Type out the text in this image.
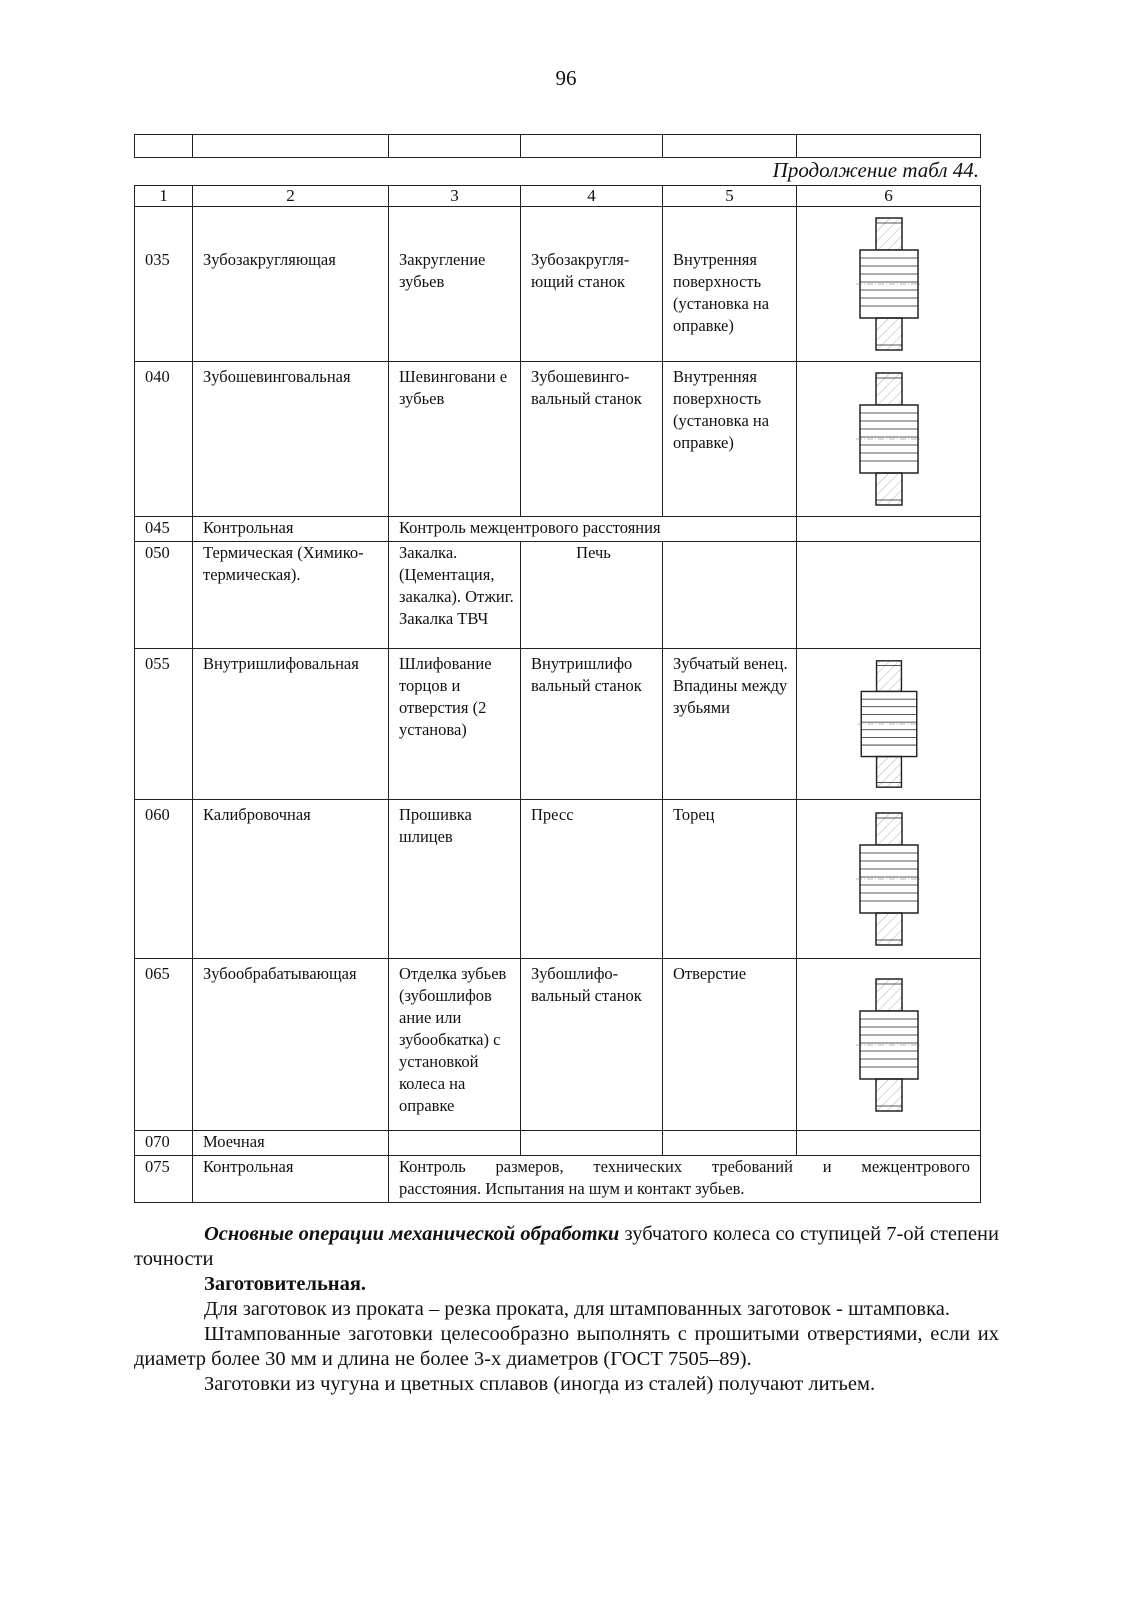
96

Продолжение табл 44.
1	2	3	4	5	6
035	Зубозакругляющая	Закругление зубьев	Зубозакругля-ющий станок	Внутренняя поверхность (установка на оправке)	

040	Зубошевинговальная	Шевинговани е зубьев	Зубошевинго-вальный станок	Внутренняя поверхность (установка на оправке)	

045	Контрольная	Контроль межцентрового расстояния			
050	Термическая (Химико-термическая).	Закалка. (Цементация, закалка). Отжиг. Закалка ТВЧ	Печь		
055	Внутришлифовальная	Шлифование торцов и отверстия (2 установа)	Внутришлифо вальный станок	Зубчатый венец. Впадины между зубьями	

060	Калибровочная	Прошивка шлицев	Пресс	Торец	

065	Зубообрабатывающая	Отделка зубьев (зубошлифов ание или зубообкатка) с установкой колеса на оправке	Зубошлифо-вальный станок	Отверстие	

070	Моечная				
075	Контрольная	Контроль размеров, технических требований и межцентрового
расстояния. Испытания на шум и контакт зубьев.			

Основные операции механической обработки зубчатого колеса со ступицей 7-ой степени точности

Заготовительная.

Для заготовок из проката – резка проката, для штампованных заготовок - штамповка.

Штампованные заготовки целесообразно выполнять с прошитыми отверстиями, если их диаметр более 30 мм и длина не более 3-х диаметров (ГОСТ 7505–89).

Заготовки из чугуна и цветных сплавов (иногда из сталей) получают литьем.
